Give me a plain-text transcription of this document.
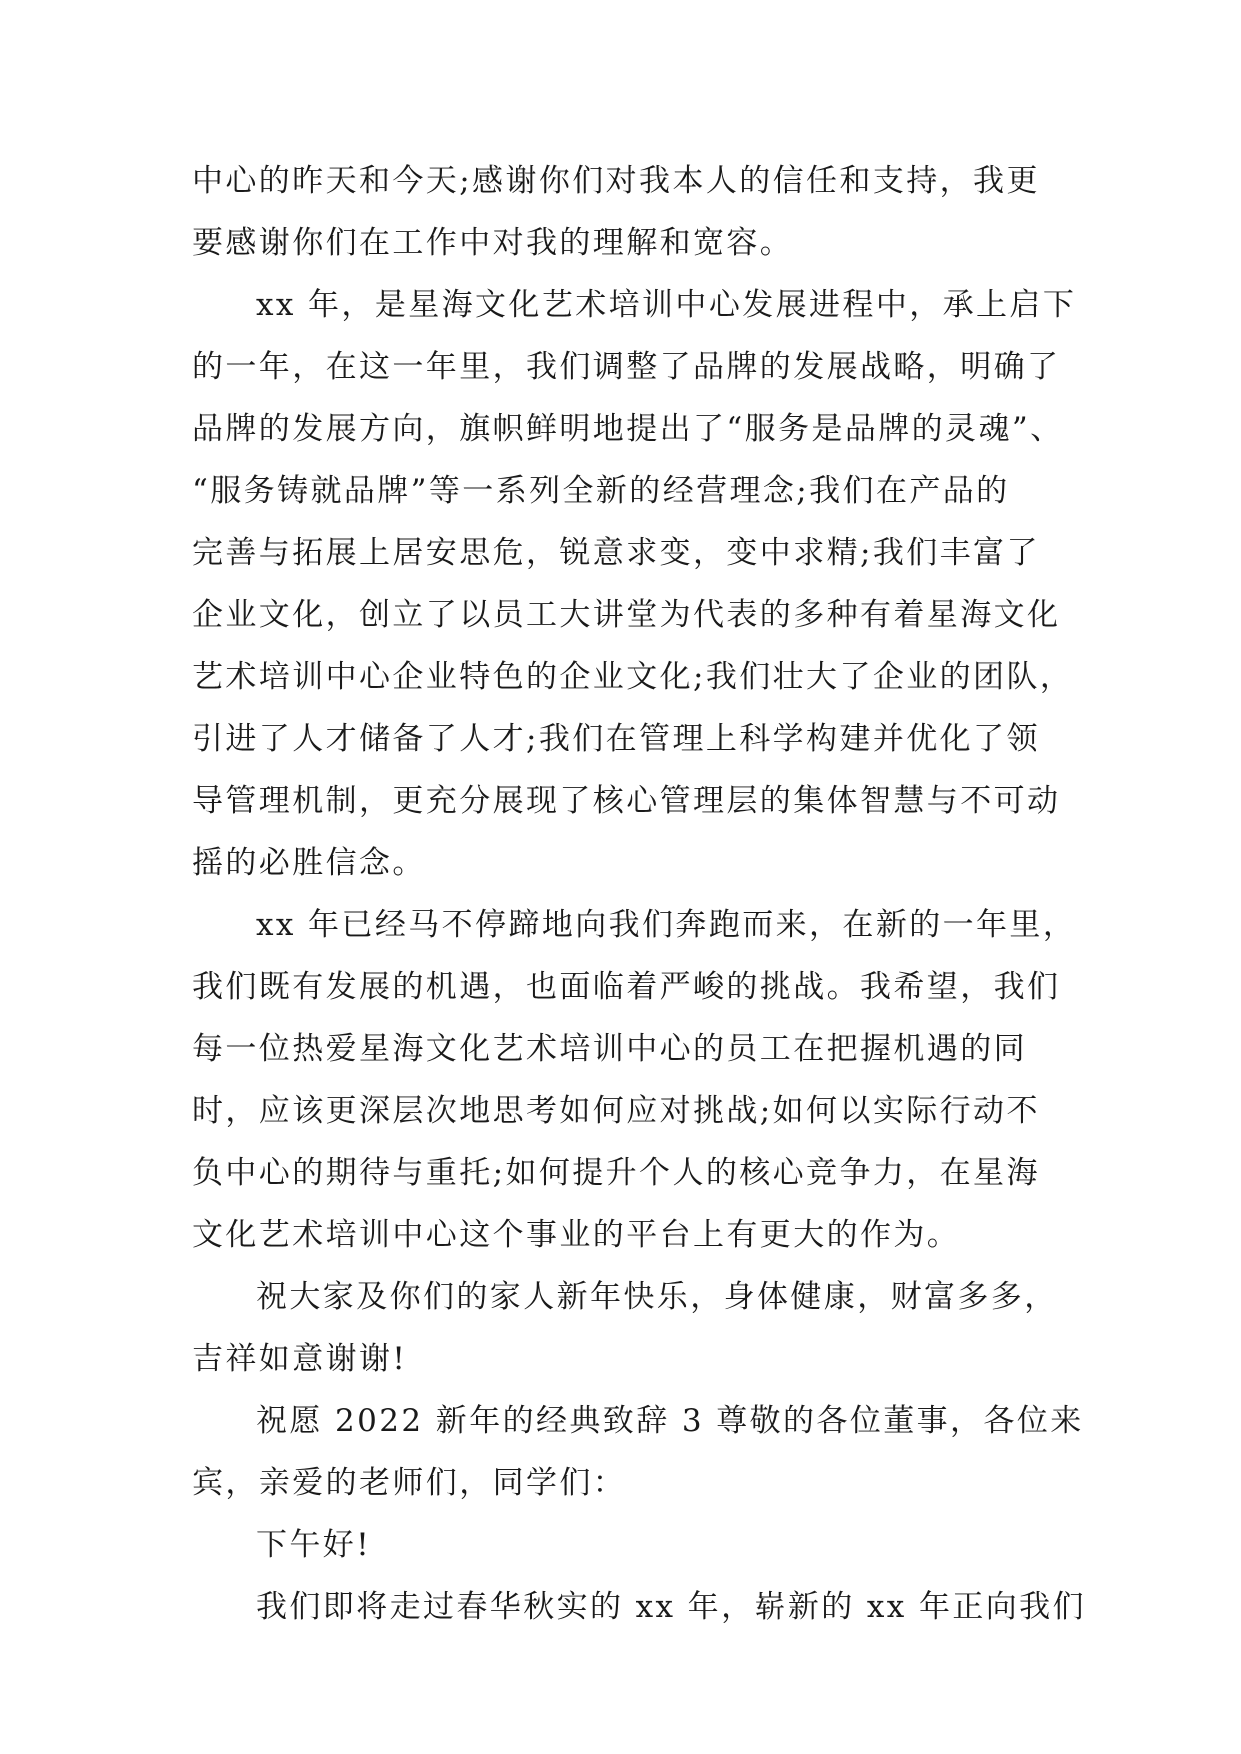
中心的昨天和今天;感谢你们对我本人的信任和支持，我更
要感谢你们在工作中对我的理解和宽容。
xx 年，是星海文化艺术培训中心发展进程中，承上启下
的一年，在这一年里，我们调整了品牌的发展战略，明确了
品牌的发展方向，旗帜鲜明地提出了“服务是品牌的灵魂”、
“服务铸就品牌”等一系列全新的经营理念;我们在产品的
完善与拓展上居安思危，锐意求变，变中求精;我们丰富了
企业文化，创立了以员工大讲堂为代表的多种有着星海文化
艺术培训中心企业特色的企业文化;我们壮大了企业的团队，
引进了人才储备了人才;我们在管理上科学构建并优化了领
导管理机制，更充分展现了核心管理层的集体智慧与不可动
摇的必胜信念。
xx 年已经马不停蹄地向我们奔跑而来，在新的一年里，
我们既有发展的机遇，也面临着严峻的挑战。我希望，我们
每一位热爱星海文化艺术培训中心的员工在把握机遇的同
时，应该更深层次地思考如何应对挑战;如何以实际行动不
负中心的期待与重托;如何提升个人的核心竞争力，在星海
文化艺术培训中心这个事业的平台上有更大的作为。
祝大家及你们的家人新年快乐，身体健康，财富多多，
吉祥如意谢谢!
祝愿 2022 新年的经典致辞 3 尊敬的各位董事，各位来
宾，亲爱的老师们，同学们：
下午好!
我们即将走过春华秋实的 xx 年，崭新的 xx 年正向我们
